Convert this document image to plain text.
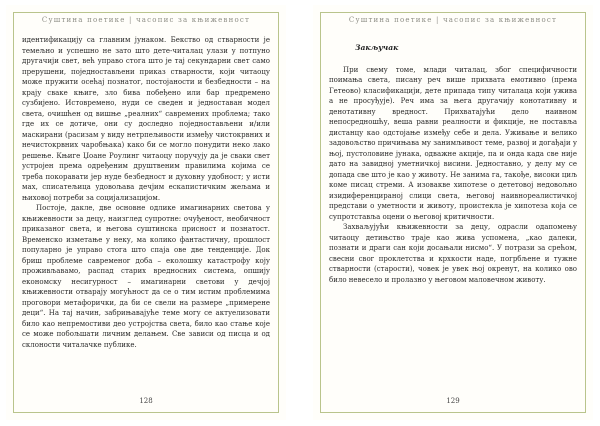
Суштина поетике | часопис за књижевност

идентификацију са главним јунаком. Бекство од стварности је темељно и успешно не зато што дете-читалац улази у потпуно другачији свет, већ управо стога што је тај секундарни свет само прерушени, поједностављени приказ стварности, који читаоцу може пружити осећај познатог, постојаности и безбедности – на крају сваке књиге, зло бива побеђено или бар предремено сузбијено. Истовремено, нуди се сведен и једноставан модел света, очишћен од вишње „реалних“ савремених проблема; тако где их се дотиче, они су доследно поједностављени и/или маскирани (расизам у виду нетрпељивости између чистокрвних и нечистокрвних чаробњака) како би се могло понудити неко лако решење. Књиге Џоане Роулинг читаоцу поручују да је сваки свет устројен према одређеним друштвеним правилима којима се треба покоравати јер нуде безбедност и духовну удобност; у исти мах, списатељица удовољава дечјим ескапистичким жељама и њиховој потреби за социјализацијом.

Постоје, дакле, две основне одлике имагинарних светова у књижевности за децу, наизглед супротне: очуђеност, необичност приказаног света, и његова суштинска присност и познатост. Временско изметање у неку, ма колико фантастичну, прошлост популарно је управо стога што спаја ове две тенденције. Док бриш проблеме савременог доба – еколошку катастрофу коју проживљавамо, распад старих вредносних система, опшију економску несигурност – имагинарни светови у дечјој књижевности отварају могућност да се о тим истим проблемима проговори метафорички, да би се свели на размере „примерене деци“. На тај начин, забрињавајуће теме могу се актуелизовати било као непремостиви део устројства света, било као стање које се може побољшати личним делањем. Све зависи од писца и од склоности читалачке публике.

128
Суштина поетике | часопис за књижевност
Закључак

При свему томе, млади читалац, због специфичности поимања света, писану реч више прихвата емотивно (према Гетеово) класификацији, дете припада типу читалаца који ужива а не просуђује). Реч има за њега другачију конотативну и денотативну вредност. Прихватајући дело наивном непосредношћу, веша равни реалности и фикције, не поставља дистанцу као одстојање између себе и дела. Уживање и велико задовољство причињава му занимљивост теме, развој и догађаји у њој, пустоловине јунака, одважне акције, па и онда када све није дато на завидној уметничкој висини. Једноставно, у делу му се допада све што је као у животу. Не занима га, такође, високи циљ коме писац стреми. А изовакве хипотезе о дететовој недовољно изидиференцираној слици света, његовој наивнореалистичкој представи о уметности и животу, проистекла је хипотеза која се супротставља оцени о његовој критичности.

Захваљујући књижевности за децу, одрасли одапомењу читаоцу детињство траје као жива успомена, „као далеки, познати и драги сан који досањали нисмо“. У потрази за срећом, свесни свог проклетства и крхкости наде, погрбљене и тужне стварности (старости), човек је увек њој окренут, на колико ово било невесело и пролазно у његовом маловечном животу.

129
